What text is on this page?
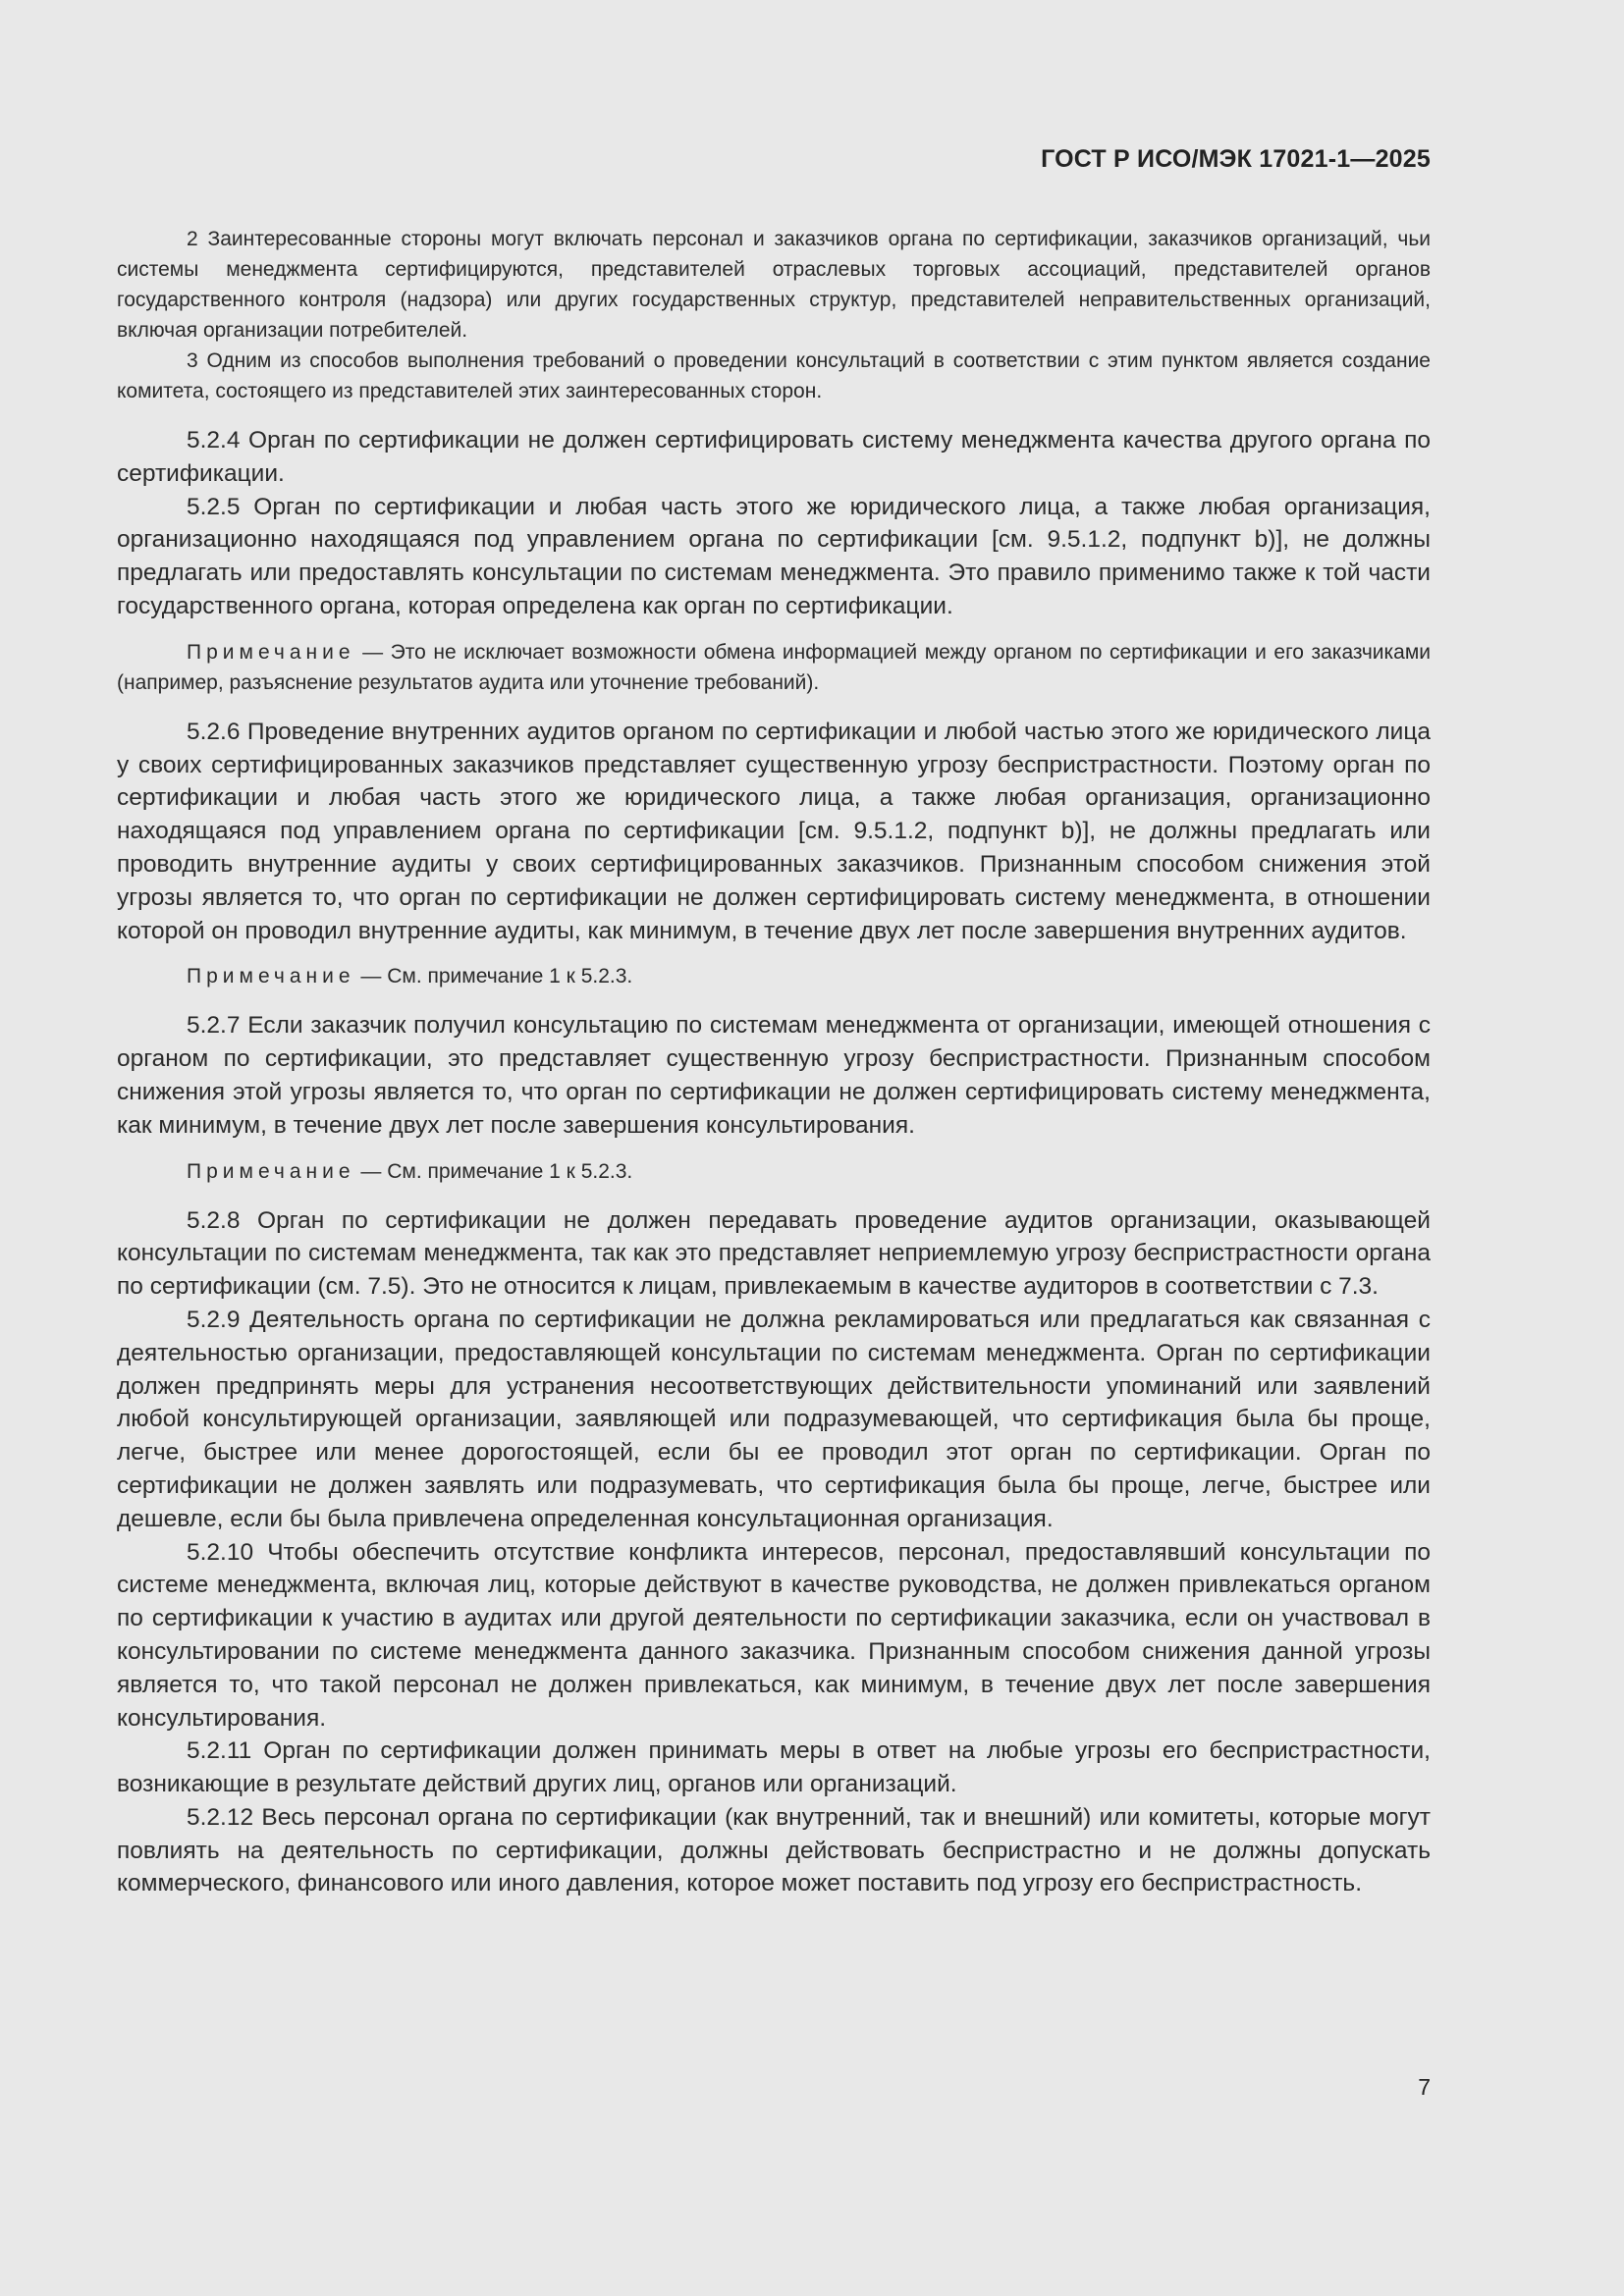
ГОСТ Р ИСО/МЭК 17021-1—2025

2 Заинтересованные стороны могут включать персонал и заказчиков органа по сертификации, заказчиков организаций, чьи системы менеджмента сертифицируются, представителей отраслевых торговых ассоциаций, представителей органов государственного контроля (надзора) или других государственных структур, представителей неправительственных организаций, включая организации потребителей.

3 Одним из способов выполнения требований о проведении консультаций в соответствии с этим пунктом является создание комитета, состоящего из представителей этих заинтересованных сторон.

5.2.4 Орган по сертификации не должен сертифицировать систему менеджмента качества другого органа по сертификации.

5.2.5 Орган по сертификации и любая часть этого же юридического лица, а также любая организация, организационно находящаяся под управлением органа по сертификации [см. 9.5.1.2, подпункт b)], не должны предлагать или предоставлять консультации по системам менеджмента. Это правило применимо также к той части государственного органа, которая определена как орган по сертификации.

Примечание — Это не исключает возможности обмена информацией между органом по сертификации и его заказчиками (например, разъяснение результатов аудита или уточнение требований).

5.2.6 Проведение внутренних аудитов органом по сертификации и любой частью этого же юридического лица у своих сертифицированных заказчиков представляет существенную угрозу беспристрастности. Поэтому орган по сертификации и любая часть этого же юридического лица, а также любая организация, организационно находящаяся под управлением органа по сертификации [см. 9.5.1.2, подпункт b)], не должны предлагать или проводить внутренние аудиты у своих сертифицированных заказчиков. Признанным способом снижения этой угрозы является то, что орган по сертификации не должен сертифицировать систему менеджмента, в отношении которой он проводил внутренние аудиты, как минимум, в течение двух лет после завершения внутренних аудитов.

Примечание — См. примечание 1 к 5.2.3.

5.2.7 Если заказчик получил консультацию по системам менеджмента от организации, имеющей отношения с органом по сертификации, это представляет существенную угрозу беспристрастности. Признанным способом снижения этой угрозы является то, что орган по сертификации не должен сертифицировать систему менеджмента, как минимум, в течение двух лет после завершения консультирования.

Примечание — См. примечание 1 к 5.2.3.

5.2.8 Орган по сертификации не должен передавать проведение аудитов организации, оказывающей консультации по системам менеджмента, так как это представляет неприемлемую угрозу беспристрастности органа по сертификации (см. 7.5). Это не относится к лицам, привлекаемым в качестве аудиторов в соответствии с 7.3.

5.2.9 Деятельность органа по сертификации не должна рекламироваться или предлагаться как связанная с деятельностью организации, предоставляющей консультации по системам менеджмента. Орган по сертификации должен предпринять меры для устранения несоответствующих действительности упоминаний или заявлений любой консультирующей организации, заявляющей или подразумевающей, что сертификация была бы проще, легче, быстрее или менее дорогостоящей, если бы ее проводил этот орган по сертификации. Орган по сертификации не должен заявлять или подразумевать, что сертификация была бы проще, легче, быстрее или дешевле, если бы была привлечена определенная консультационная организация.

5.2.10 Чтобы обеспечить отсутствие конфликта интересов, персонал, предоставлявший консультации по системе менеджмента, включая лиц, которые действуют в качестве руководства, не должен привлекаться органом по сертификации к участию в аудитах или другой деятельности по сертификации заказчика, если он участвовал в консультировании по системе менеджмента данного заказчика. Признанным способом снижения данной угрозы является то, что такой персонал не должен привлекаться, как минимум, в течение двух лет после завершения консультирования.

5.2.11 Орган по сертификации должен принимать меры в ответ на любые угрозы его беспристрастности, возникающие в результате действий других лиц, органов или организаций.

5.2.12 Весь персонал органа по сертификации (как внутренний, так и внешний) или комитеты, которые могут повлиять на деятельность по сертификации, должны действовать беспристрастно и не должны допускать коммерческого, финансового или иного давления, которое может поставить под угрозу его беспристрастность.

7
